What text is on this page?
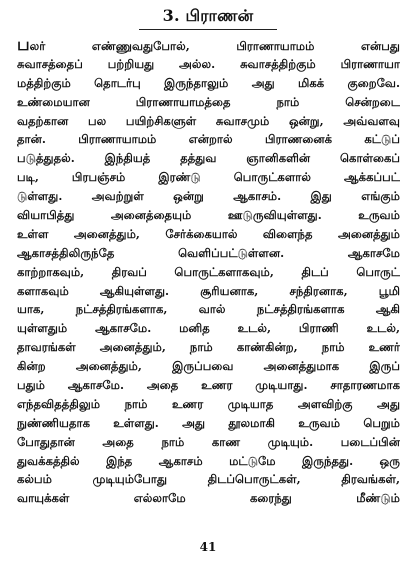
3. பிராணன்
பலர் எண்ணுவதுபோல், பிராணாயாமம் என்பது
சுவாசத்தைப் பற்றியது அல்ல. சுவாசத்திற்கும் பிராணாயா
மத்திற்கும் தொடர்பு இருந்தாலும் அது மிகக் குறைவே.
உண்மையான பிராணாயாமத்தை நாம் சென்றடை
வதற்கான பல பயிற்சிகளுள் சுவாசமும் ஒன்று, அவ்வளவு
தான். பிராணாயாமம் என்றால் பிராணனைக் கட்டுப்
படுத்துதல். இந்தியத் தத்துவ ஞானிகளின் கொள்கைப்
படி, பிரபஞ்சம் இரண்டு பொருட்களால் ஆக்கப்பட்
டுள்ளது. அவற்றுள் ஒன்று ஆகாசம். இது எங்கும்
வியாபித்து அனைத்தையும் ஊடுருவியுள்ளது. உருவம்
உள்ள அனைத்தும், சேர்க்கையால் விளைந்த அனைத்தும்
ஆகாசத்திலிருந்தே வெளிப்பட்டுள்ளன. ஆகாசமே
காற்றாகவும், திரவப் பொருட்களாகவும், திடப் பொருட்
களாகவும் ஆகியுள்ளது. சூரியனாக, சந்திரனாக, பூமி
யாக, நட்சத்திரங்களாக, வால் நட்சத்திரங்களாக ஆகி
யுள்ளதும் ஆகாசமே. மனித உடல், பிராணி உடல்,
தாவரங்கள் அனைத்தும், நாம் காண்கின்ற, நாம் உணர்
கின்ற அனைத்தும், இருப்பவை அனைத்துமாக இருப்
பதும் ஆகாசமே. அதை உணர முடியாது. சாதாரணமாக
எந்தவிதத்திலும் நாம் உணர முடியாத அளவிற்கு அது
நுண்ணியதாக உள்ளது. அது தூலமாகி உருவம் பெறும்
போதுதான் அதை நாம் காண முடியும். படைப்பின்
துவக்கத்தில் இந்த ஆகாசம் மட்டுமே இருந்தது. ஒரு
கல்பம் முடியும்போது திடப்பொருட்கள், திரவங்கள்,
வாயுக்கள் எல்லாமே கரைந்து மீண்டும்
41
